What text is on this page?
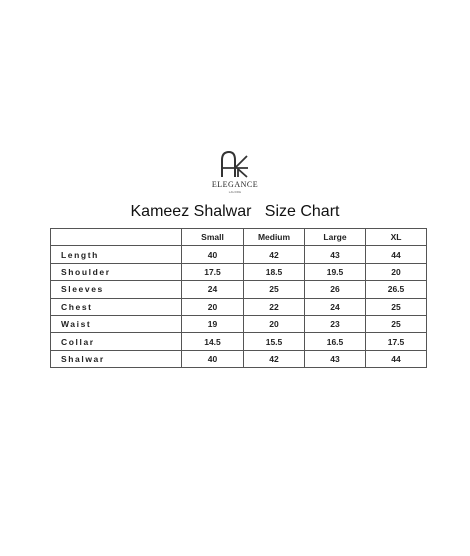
ELEGANCE
LAHORE
Kameez Shalwar   Size Chart
	Small	Medium	Large	XL
Length	40	42	43	44
Shoulder	17.5	18.5	19.5	20
Sleeves	24	25	26	26.5
Chest	20	22	24	25
Waist	19	20	23	25
Collar	14.5	15.5	16.5	17.5
Shalwar	40	42	43	44
